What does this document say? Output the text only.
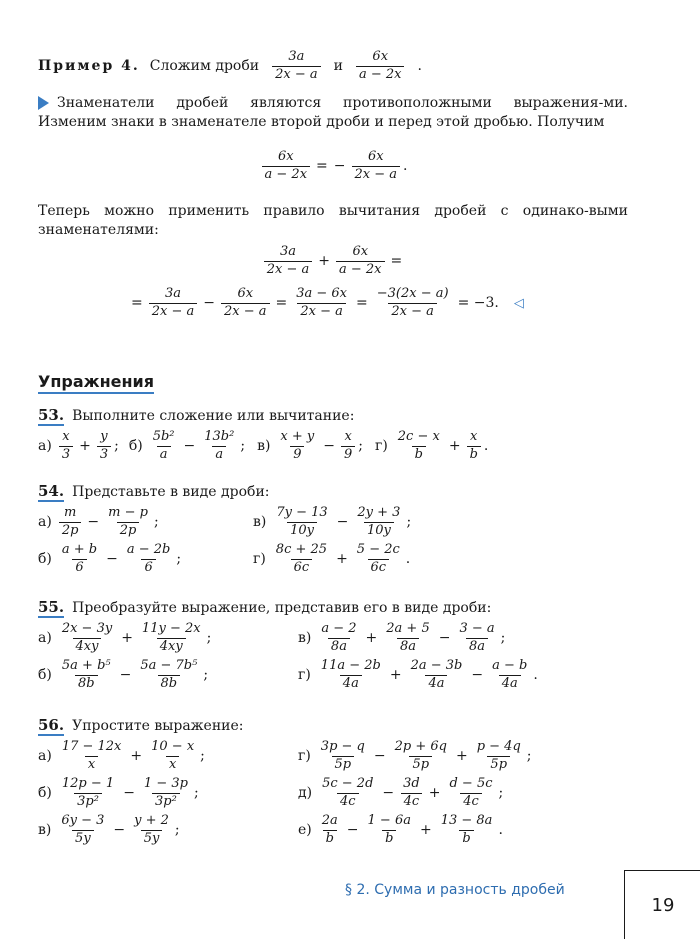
Пример 4. Сложим дроби $\frac{3a}{2x - a}$ и $\frac{6x}{a - 2x}$ .
Знаменатели дробей являются противоположными выражения-ми. Изменим знаки в знаменателе второй дроби и перед этой дробью. Получим
$\frac{6x}{a - 2x}$ = − $\frac{6x}{2x - a}$ .
Теперь можно применить правило вычитания дробей с одинако-выми знаменателями:
$\frac{3a}{2x - a} + \frac{6x}{a - 2x}$ =
= $\frac{3a}{2x - a} - \frac{6x}{2x - a} = \frac{3a - 6x}{2x - a} = \frac{-3(2x - a)}{2x - a} = -3$. ◁
Упражнения
53. Выполните сложение или вычитание:
$а) \frac{x}{3} + \frac{y}{3}$ ; $б) \frac{\text{5b²}}{a} - \frac{\text{13b²}}{a}$ ; $в) \frac{x + y}{9} - \frac{x}{9}$ ; $г) \frac{2c - x}{b} + \frac{x}{b}$ .
54. Представьте в виде дроби:
$а) \frac{m}{2p} - \frac{m - p}{2p}$ ;	$в) \frac{7y - 13}{10y} - \frac{2y + 3}{10y}$ ;
$б) \frac{a + b}{6} - \frac{a - 2b}{6}$ ;	$г) \frac{8c + 25}{6c} + \frac{5 - 2c}{6c}$ .
55. Преобразуйте выражение, представив его в виде дроби:
$а) \frac{2x - 3y}{4xy} + \frac{11y - 2x}{4xy}$ ;	$в) \frac{a - 2}{8a} + \frac{2a + 5}{8a} - \frac{3 - a}{8a}$ ;
$б) \frac{\text{5a + b⁵}}{8b} - \frac{\text{5a − 7b⁵}}{8b}$ ;	$г) \frac{11a - 2b}{4a} + \frac{2a - 3b}{4a} - \frac{a - b}{4a}$ .
56. Упростите выражение:
$а) \frac{17 - 12x}{x} + \frac{10 - x}{x}$ ;	$г) \frac{3p - q}{5p} - \frac{2p + 6q}{5p} + \frac{p - 4q}{5p}$ ;
$б) \frac{12p - 1}{\text{3p²}} - \frac{1 - 3p}{\text{3p²}}$ ;	$д) \frac{5c - 2d}{4c} - \frac{3d}{4c} + \frac{d - 5c}{4c}$ ;
$в) \frac{6y - 3}{5y} - \frac{y + 2}{5y}$ ;	$е) \frac{2a}{b} - \frac{1 - 6a}{b} + \frac{13 - 8a}{b}$ .
§ 2. Сумма и разность дробей
19
